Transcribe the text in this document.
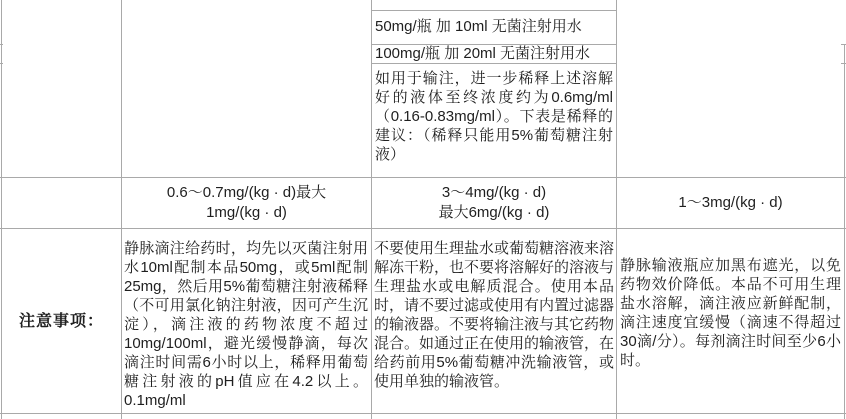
50mg/瓶 加 10ml 无菌注射用水
100mg/瓶 加 20ml 无菌注射用水
如用于输注，进一步稀释上述溶解好的液体至终浓度约为0.6mg/ml（0.16-0.83mg/ml）。下表是稀释的建议：（稀释只能用5%葡萄糖注射液）
0.6～0.7mg/(kg · d)最大
1mg/(kg · d)
3～4mg/(kg · d)
最大6mg/(kg · d)
1～3mg/(kg · d)
注意事项：
静脉滴注给药时，均先以灭菌注射用水10ml配制本品50mg，或5ml配制25mg，然后用5%葡萄糖注射液稀释（不可用氯化钠注射液，因可产生沉淀），滴注液的药物浓度不超过10mg/100ml，避光缓慢静滴，每次滴注时间需6小时以上，稀释用葡萄糖注射液的pH值应在4.2以上。0.1mg/ml
不要使用生理盐水或葡萄糖溶液来溶解冻干粉，也不要将溶解好的溶液与生理盐水或电解质混合。使用本品时，请不要过滤或使用有内置过滤器的输液器。不要将输注液与其它药物混合。如通过正在使用的输液管，在给药前用5%葡萄糖冲洗输液管，或使用单独的输液管。
静脉输液瓶应加黑布遮光，以免药物效价降低。本品不可用生理盐水溶解，滴注液应新鲜配制，滴注速度宜缓慢（滴速不得超过30滴/分）。每剂滴注时间至少6小时。
